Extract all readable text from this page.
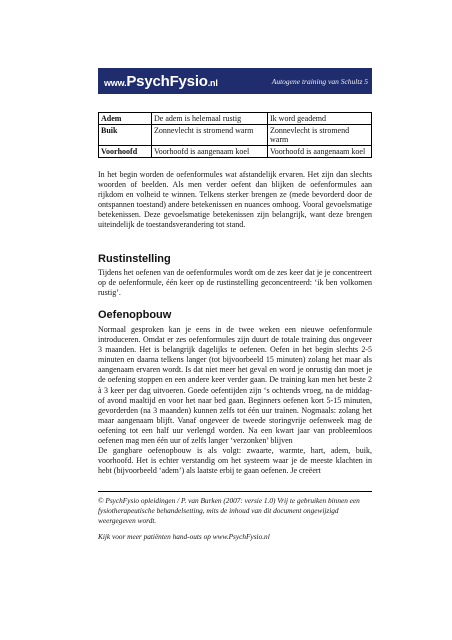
www.PsychFysio.nl	Autogene training van Schultz 5
Adem	De adem is helemaal rustig	Ik word geademd
Buik	Zonnevlecht is stromend warm	Zonnevlecht is stromend warm
Voorhoofd	Voorhoofd is aangenaam koel	Voorhoofd is aangenaam koel

In het begin worden de oefenformules wat afstandelijk ervaren. Het zijn dan slechts woorden of beelden. Als men verder oefent dan blijken de oefenformules aan rijkdom en volheid te winnen. Telkens sterker brengen ze (mede bevorderd door de ontspannen toestand) andere betekenissen en nuances omhoog. Vooral gevoelsmatige betekenissen. Deze gevoelsmatige betekenissen zijn belangrijk, want deze brengen uiteindelijk de toestandsverandering tot stand.

Rustinstelling

Tijdens het oefenen van de oefenformules wordt om de zes keer dat je je concentreert op de oefenformule, één keer op de rustinstelling geconcentreerd: ‘ik ben volkomen rustig’.

Oefenopbouw

Normaal gesproken kan je eens in de twee weken een nieuwe oefenformule introduceren. Omdat er zes oefenformules zijn duurt de totale training dus ongeveer 3 maanden. Het is belangrijk dagelijks te oefenen. Oefen in het begin slechts 2-5 minuten en daarna telkens langer (tot bijvoorbeeld 15 minuten) zolang het maar als aangenaam ervaren wordt. Is dat niet meer het geval en word je onrustig dan moet je de oefening stoppen en een andere keer verder gaan. De training kan men het beste 2 à 3 keer per dag uitvoeren. Goede oefentijden zijn ‘s ochtends vroeg, na de middag- of avond maaltijd en voor het naar bed gaan. Beginners oefenen kort 5-15 minuten, gevorderden (na 3 maanden) kunnen zelfs tot één uur trainen. Nogmaals: zolang het maar aangenaam blijft. Vanaf ongeveer de tweede storingvrije oefenweek mag de oefening tot een half uur verlengd worden. Na een kwart jaar van probleemloos oefenen mag men één uur of zelfs langer ‘verzonken’ blijven

De gangbare oefenopbouw is als volgt: zwaarte, warmte, hart, adem, buik, voorhoofd. Het is echter verstandig om het systeem waar je de meeste klachten in hebt (bijvoorbeeld ‘adem’) als laatste erbij te gaan oefenen. Je creëert

© PsychFysio opleidingen / P. van Burken (2007: versie 1.0) Vrij te gebruiken binnen een fysiotherapeutische behandelsetting, mits de inhoud van dit document ongewijzigd weergegeven wordt.

Kijk voor meer patiënten hand-outs op www.PsychFysio.nl
